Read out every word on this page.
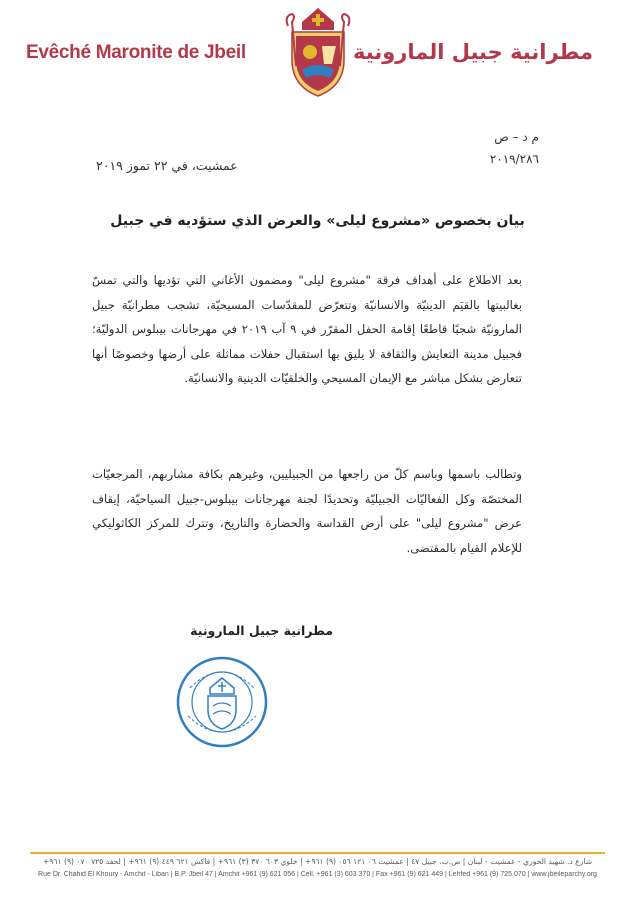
Evêché Maronite de Jbeil	مطرانية جبيل المارونية
م د – ص
٢٠١٩/٢٨٦
عمشيت، في ٢٢ تموز ٢٠١٩
بيان بخصوص «مشروع ليلى» والعرض الذي ستؤديه في جبيل
بعد الاطلاع على أهداف فرقة "مشروع ليلى" ومضمون الأغاني التي تؤديها والتي تمسّ بغالبيتها بالقيَم الدينيّة والانسانيّة وتتعرّض للمقدّسات المسيحيّة، تشجب مطرانيّة جبيل المارونيّة شجبًا قاطعًا إقامة الحفل المقرّر في ٩ آب ٢٠١٩ في مهرجانات بيبلوس الدوليّة؛ فجبيل مدينة التعايش والثقافة لا يليق بها استقبال حفلات مماثلة على أرضها وخصوصًا أنها تتعارض بشكل مباشر مع الإيمان المسيحي والخلقيّات الدينية والانسانيّة.
وتطالب باسمها وباسم كلّ من راجعها من الجبيليين، وغيرهم بكافة مشاربهم، المرجعيّات المختصّة وكل الفعاليّات الجبيليّة وتحديدًا لجنة مهرجانات بيبلوس-جبيل السياحيّة، إيقاف عرض "مشروع ليلى" على أرض القداسة والحضارة والتاريخ، وتترك للمركز الكاثوليكي للإعلام القيام بالمقتضى.
مطرانية جبيل المارونية
شارع د. شهيد الخوري - عمشيت - لبنان | ص.ب. جبيل ٤٧ | عمشيت ٠٦ ١٢١ ٠٥٦ (٩) ٩٦١+ | خلوي ٦٠٣ ٣٧٠ (٣) ٩٦١+ | فاكس ٦٢١ ٤٤٩ (٩) ٩٦١+ | لحفد ٧٢٥ ٠٧٠ (٩) ٩٦١+
Rue Dr. Chahid El Khoury - Amchit - Liban | B.P. Jbeil 47 | Amchit +961 (9) 621 056 | Cell. +961 (3) 603 370 | Fax +961 (9) 621 449 | Lehfed +961 (9) 725 070 | www.jbeileparchy.org
